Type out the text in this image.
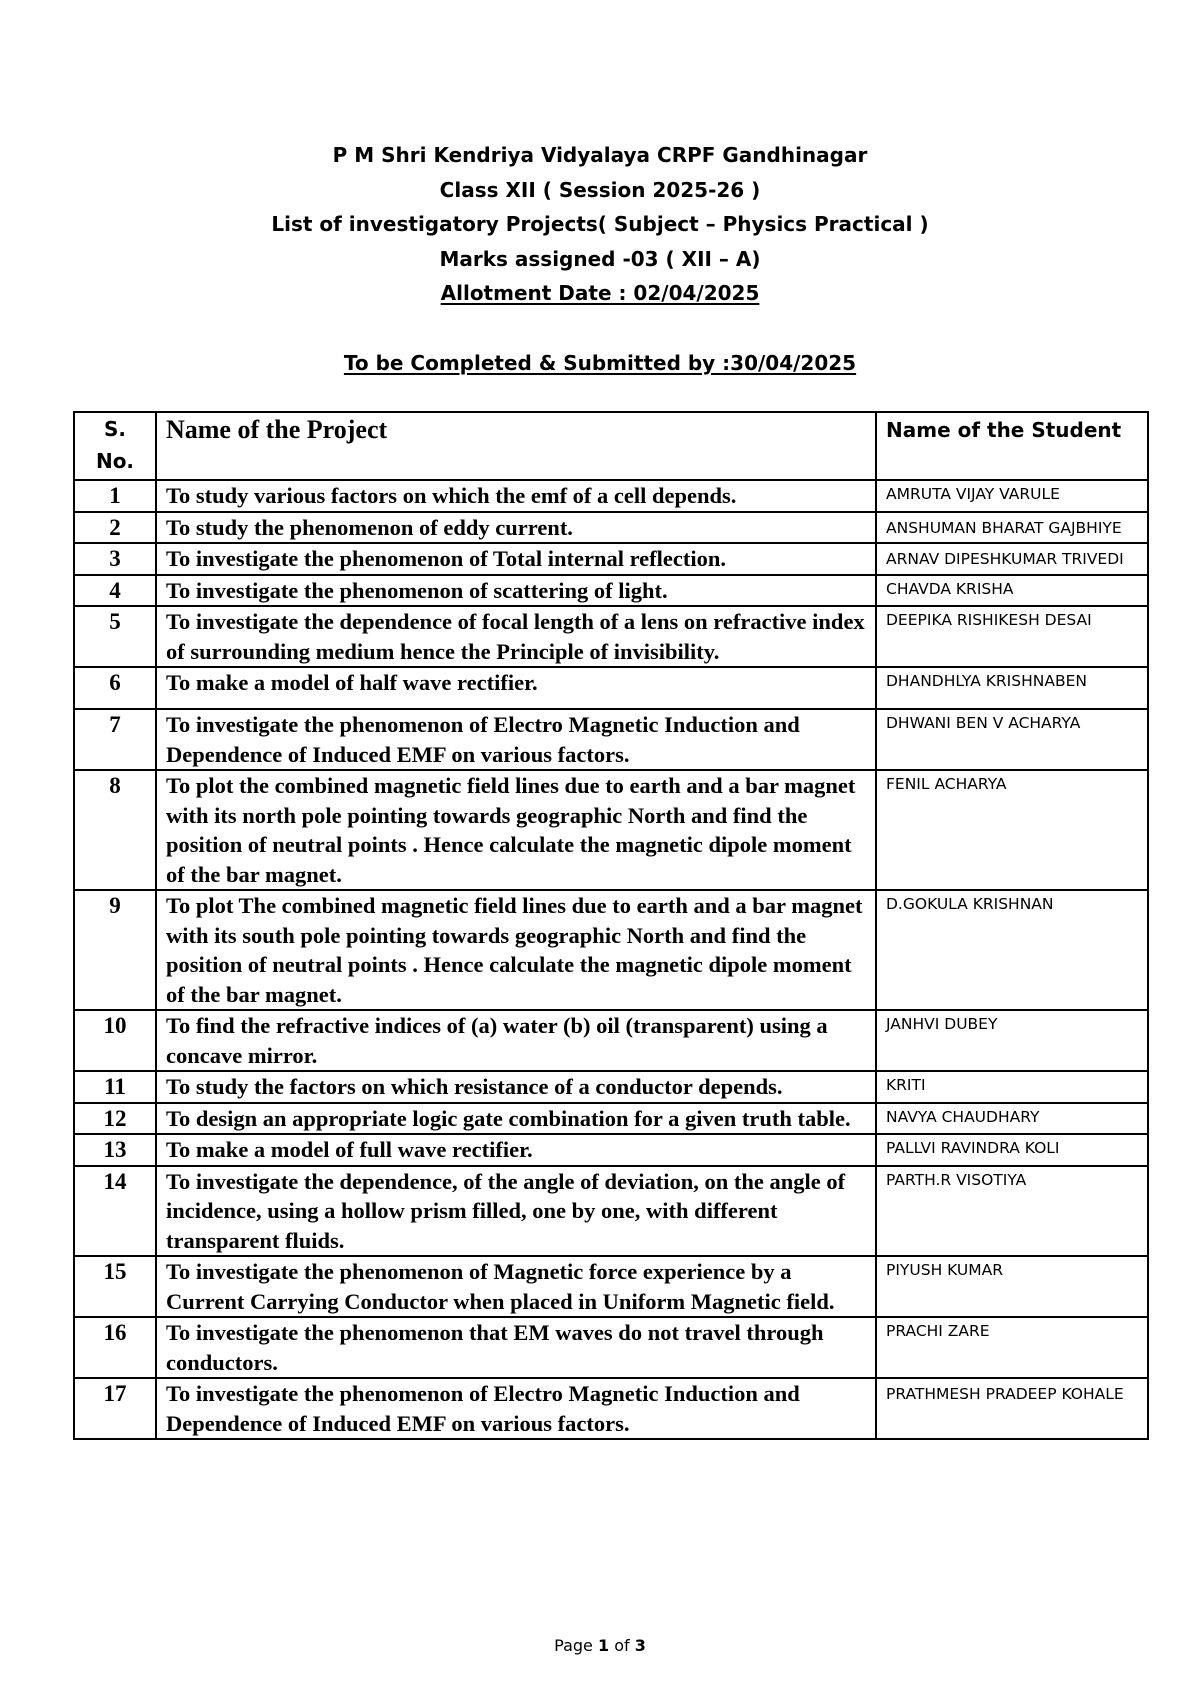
P M Shri Kendriya Vidyalaya CRPF Gandhinagar
Class XII ( Session 2025-26 )
List of investigatory Projects( Subject – Physics Practical )
Marks assigned -03 ( XII – A)
Allotment Date : 02/04/2025
To be Completed & Submitted by :30/04/2025
S. No.	Name of the Project	Name of the Student
1	To study various factors on which the emf of a cell depends.	AMRUTA VIJAY VARULE
2	To study the phenomenon of eddy current.	ANSHUMAN BHARAT GAJBHIYE
3	To investigate the phenomenon of Total internal reflection.	ARNAV DIPESHKUMAR TRIVEDI
4	To investigate the phenomenon of scattering of light.	CHAVDA KRISHA
5	To investigate the dependence of focal length of a lens on refractive index of surrounding medium hence the Principle of invisibility.	DEEPIKA RISHIKESH DESAI
6	To make a model of half wave rectifier.	DHANDHLYA KRISHNABEN
7	To investigate the phenomenon of Electro Magnetic Induction and Dependence of Induced EMF on various factors.	DHWANI BEN V ACHARYA
8	To plot the combined magnetic field lines due to earth and a bar magnet with its north pole pointing towards geographic North and find the position of neutral points . Hence calculate the magnetic dipole moment of the bar magnet.	FENIL ACHARYA
9	To plot The combined magnetic field lines due to earth and a bar magnet with its south pole pointing towards geographic North and find the position of neutral points . Hence calculate the magnetic dipole moment of the bar magnet.	D.GOKULA KRISHNAN
10	To find the refractive indices of (a) water (b) oil (transparent) using a concave mirror.	JANHVI DUBEY
11	To study the factors on which resistance of a conductor depends.	KRITI
12	To design an appropriate logic gate combination for a given truth table.	NAVYA CHAUDHARY
13	To make a model of full wave rectifier.	PALLVI RAVINDRA KOLI
14	To investigate the dependence, of the angle of deviation, on the angle of incidence, using a hollow prism filled, one by one, with different transparent fluids.	PARTH.R VISOTIYA
15	To investigate the phenomenon of Magnetic force experience by a Current Carrying Conductor when placed in Uniform Magnetic field.	PIYUSH KUMAR
16	To investigate the phenomenon that EM waves do not travel through conductors.	PRACHI ZARE
17	To investigate the phenomenon of Electro Magnetic Induction and Dependence of Induced EMF on various factors.	PRATHMESH PRADEEP KOHALE
Page 1 of 3
